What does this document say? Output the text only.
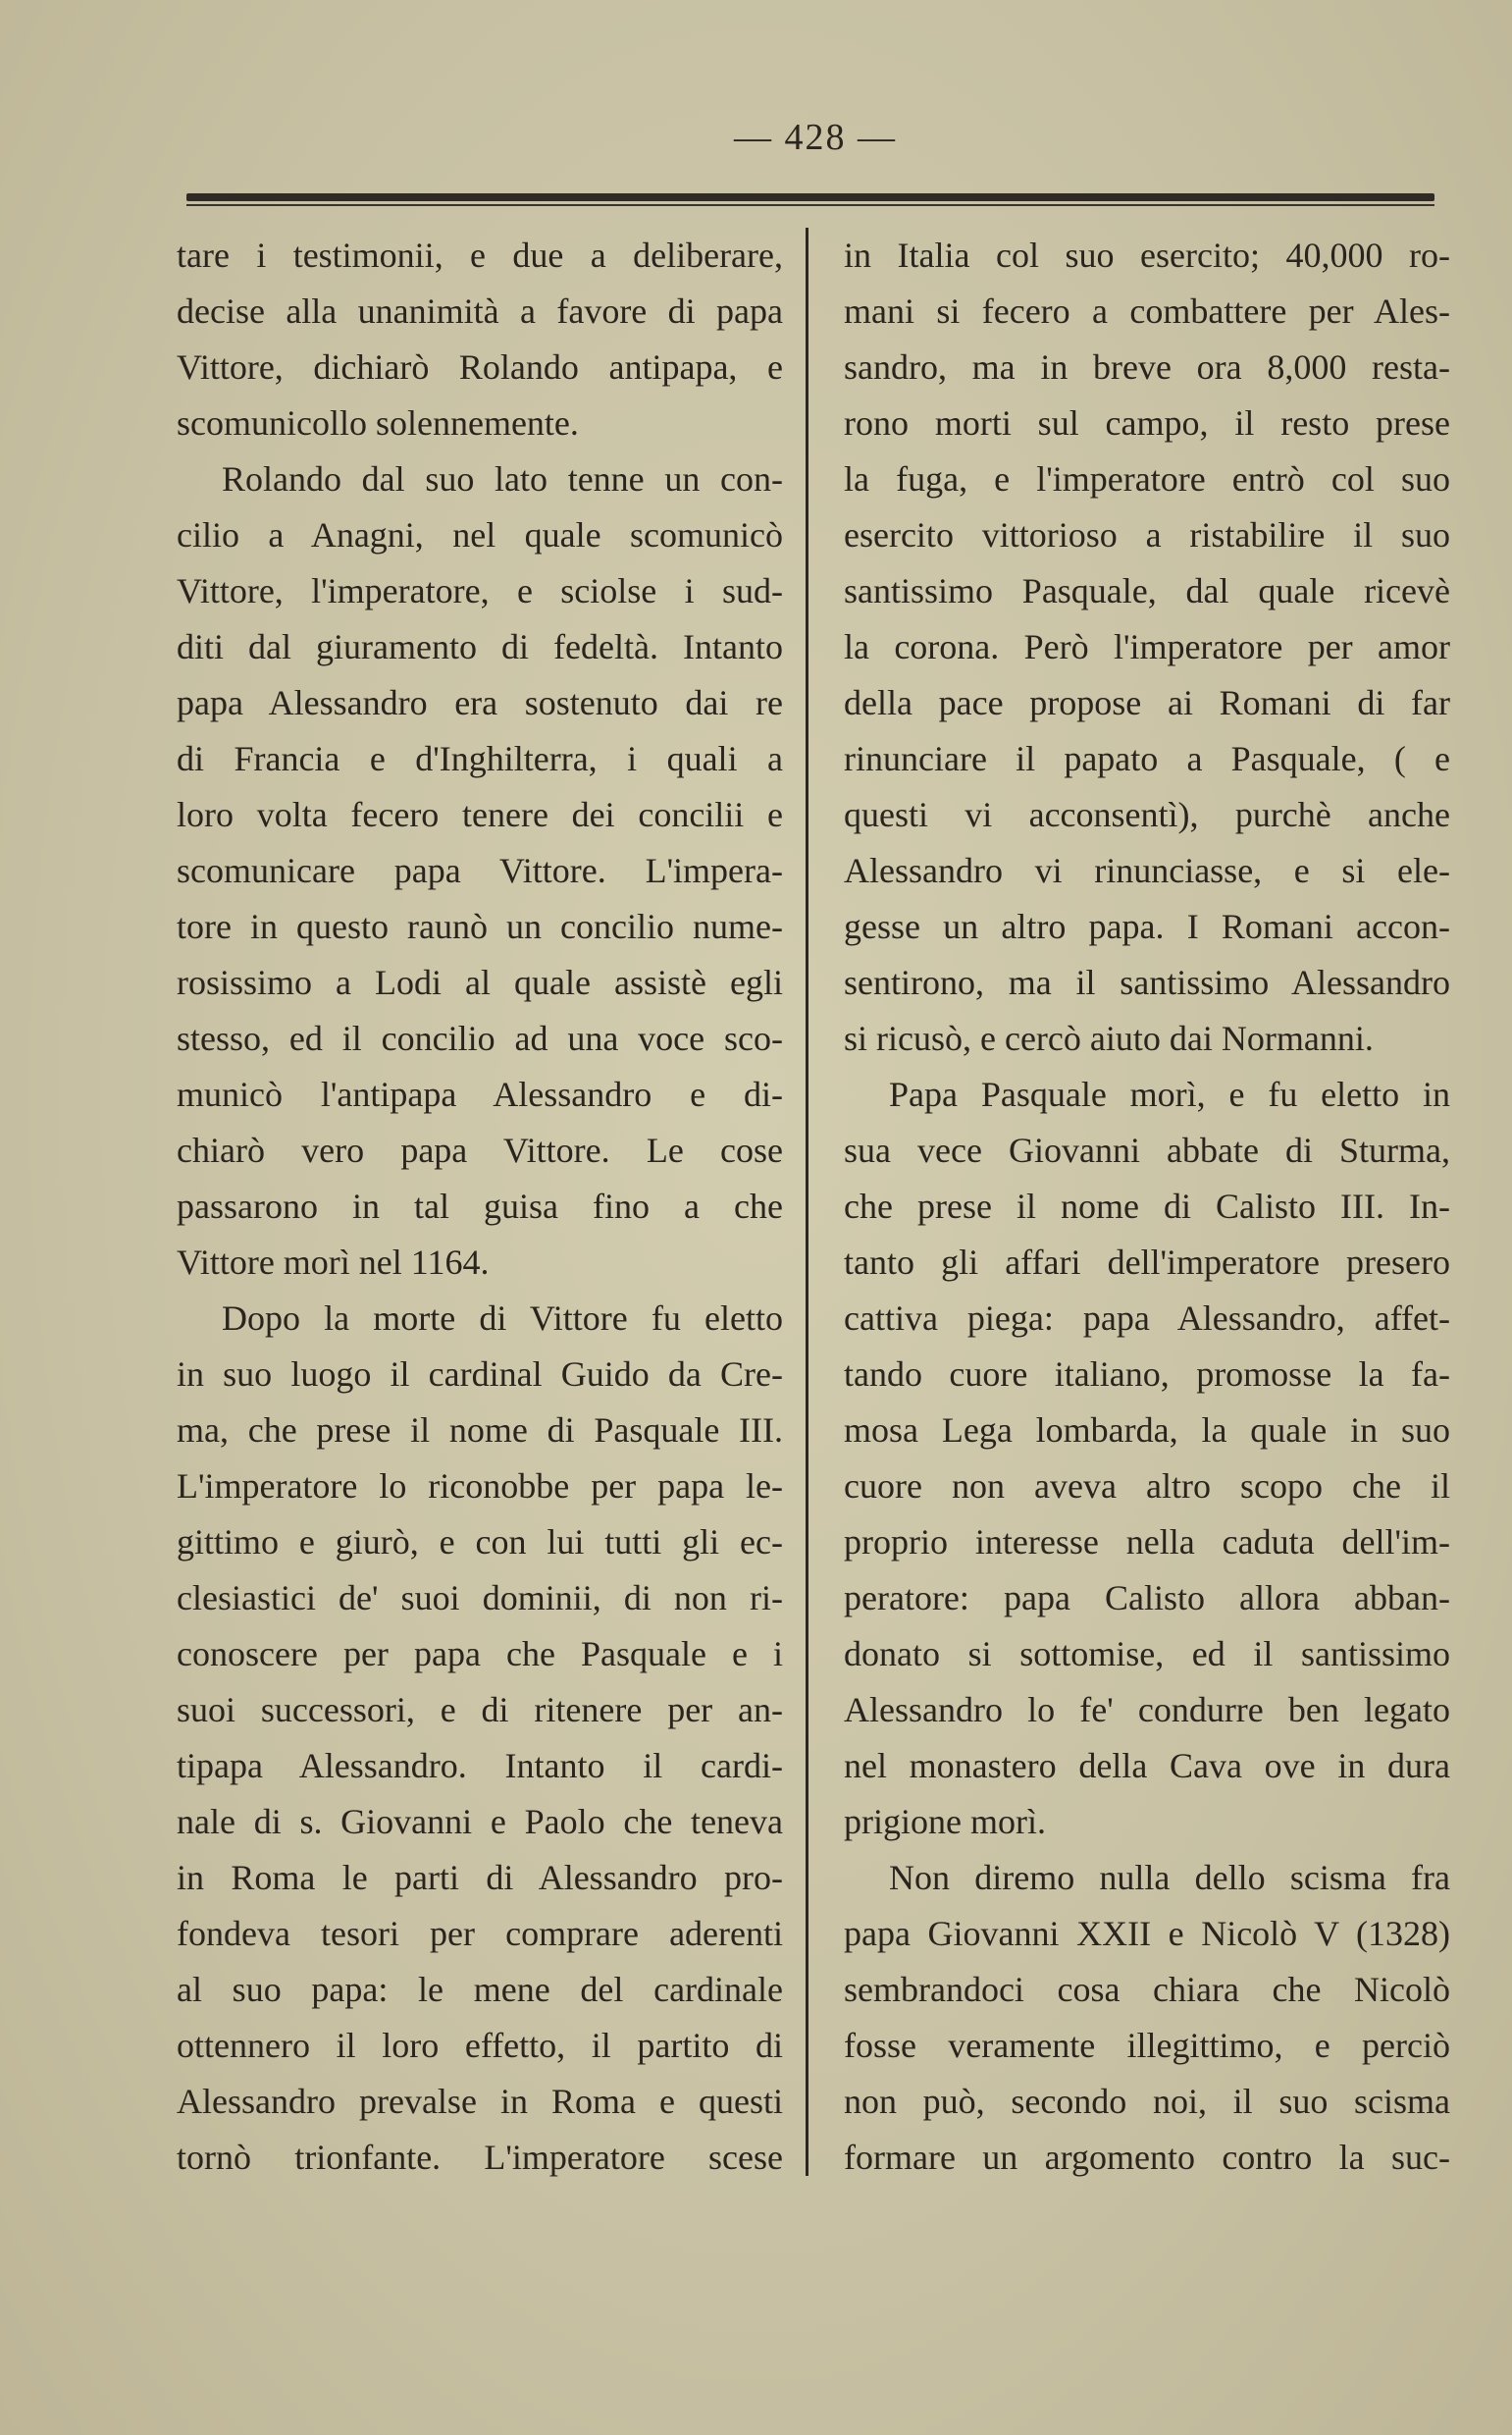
— 428 —
tare i testimonii, e due a deliberare,
decise alla unanimità a favore di papa
Vittore, dichiarò Rolando antipapa, e
scomunicollo solennemente.
Rolando dal suo lato tenne un con-
cilio a Anagni, nel quale scomunicò
Vittore, l'imperatore, e sciolse i sud-
diti dal giuramento di fedeltà. Intanto
papa Alessandro era sostenuto dai re
di Francia e d'Inghilterra, i quali a
loro volta fecero tenere dei concilii e
scomunicare papa Vittore. L'impera-
tore in questo raunò un concilio nume-
rosissimo a Lodi al quale assistè egli
stesso, ed il concilio ad una voce sco-
municò l'antipapa Alessandro e di-
chiarò vero papa Vittore. Le cose
passarono in tal guisa fino a che
Vittore morì nel 1164.
Dopo la morte di Vittore fu eletto
in suo luogo il cardinal Guido da Cre-
ma, che prese il nome di Pasquale III.
L'imperatore lo riconobbe per papa le-
gittimo e giurò, e con lui tutti gli ec-
clesiastici de' suoi dominii, di non ri-
conoscere per papa che Pasquale e i
suoi successori, e di ritenere per an-
tipapa Alessandro. Intanto il cardi-
nale di s. Giovanni e Paolo che teneva
in Roma le parti di Alessandro pro-
fondeva tesori per comprare aderenti
al suo papa: le mene del cardinale
ottennero il loro effetto, il partito di
Alessandro prevalse in Roma e questi
tornò trionfante. L'imperatore scese
in Italia col suo esercito; 40,000 ro-
mani si fecero a combattere per Ales-
sandro, ma in breve ora 8,000 resta-
rono morti sul campo, il resto prese
la fuga, e l'imperatore entrò col suo
esercito vittorioso a ristabilire il suo
santissimo Pasquale, dal quale ricevè
la corona. Però l'imperatore per amor
della pace propose ai Romani di far
rinunciare il papato a Pasquale, ( e
questi vi acconsentì), purchè anche
Alessandro vi rinunciasse, e si ele-
gesse un altro papa. I Romani accon-
sentirono, ma il santissimo Alessandro
si ricusò, e cercò aiuto dai Normanni.
Papa Pasquale morì, e fu eletto in
sua vece Giovanni abbate di Sturma,
che prese il nome di Calisto III. In-
tanto gli affari dell'imperatore presero
cattiva piega: papa Alessandro, affet-
tando cuore italiano, promosse la fa-
mosa Lega lombarda, la quale in suo
cuore non aveva altro scopo che il
proprio interesse nella caduta dell'im-
peratore: papa Calisto allora abban-
donato si sottomise, ed il santissimo
Alessandro lo fe' condurre ben legato
nel monastero della Cava ove in dura
prigione morì.
Non diremo nulla dello scisma fra
papa Giovanni XXII e Nicolò V (1328)
sembrandoci cosa chiara che Nicolò
fosse veramente illegittimo, e perciò
non può, secondo noi, il suo scisma
formare un argomento contro la suc-
